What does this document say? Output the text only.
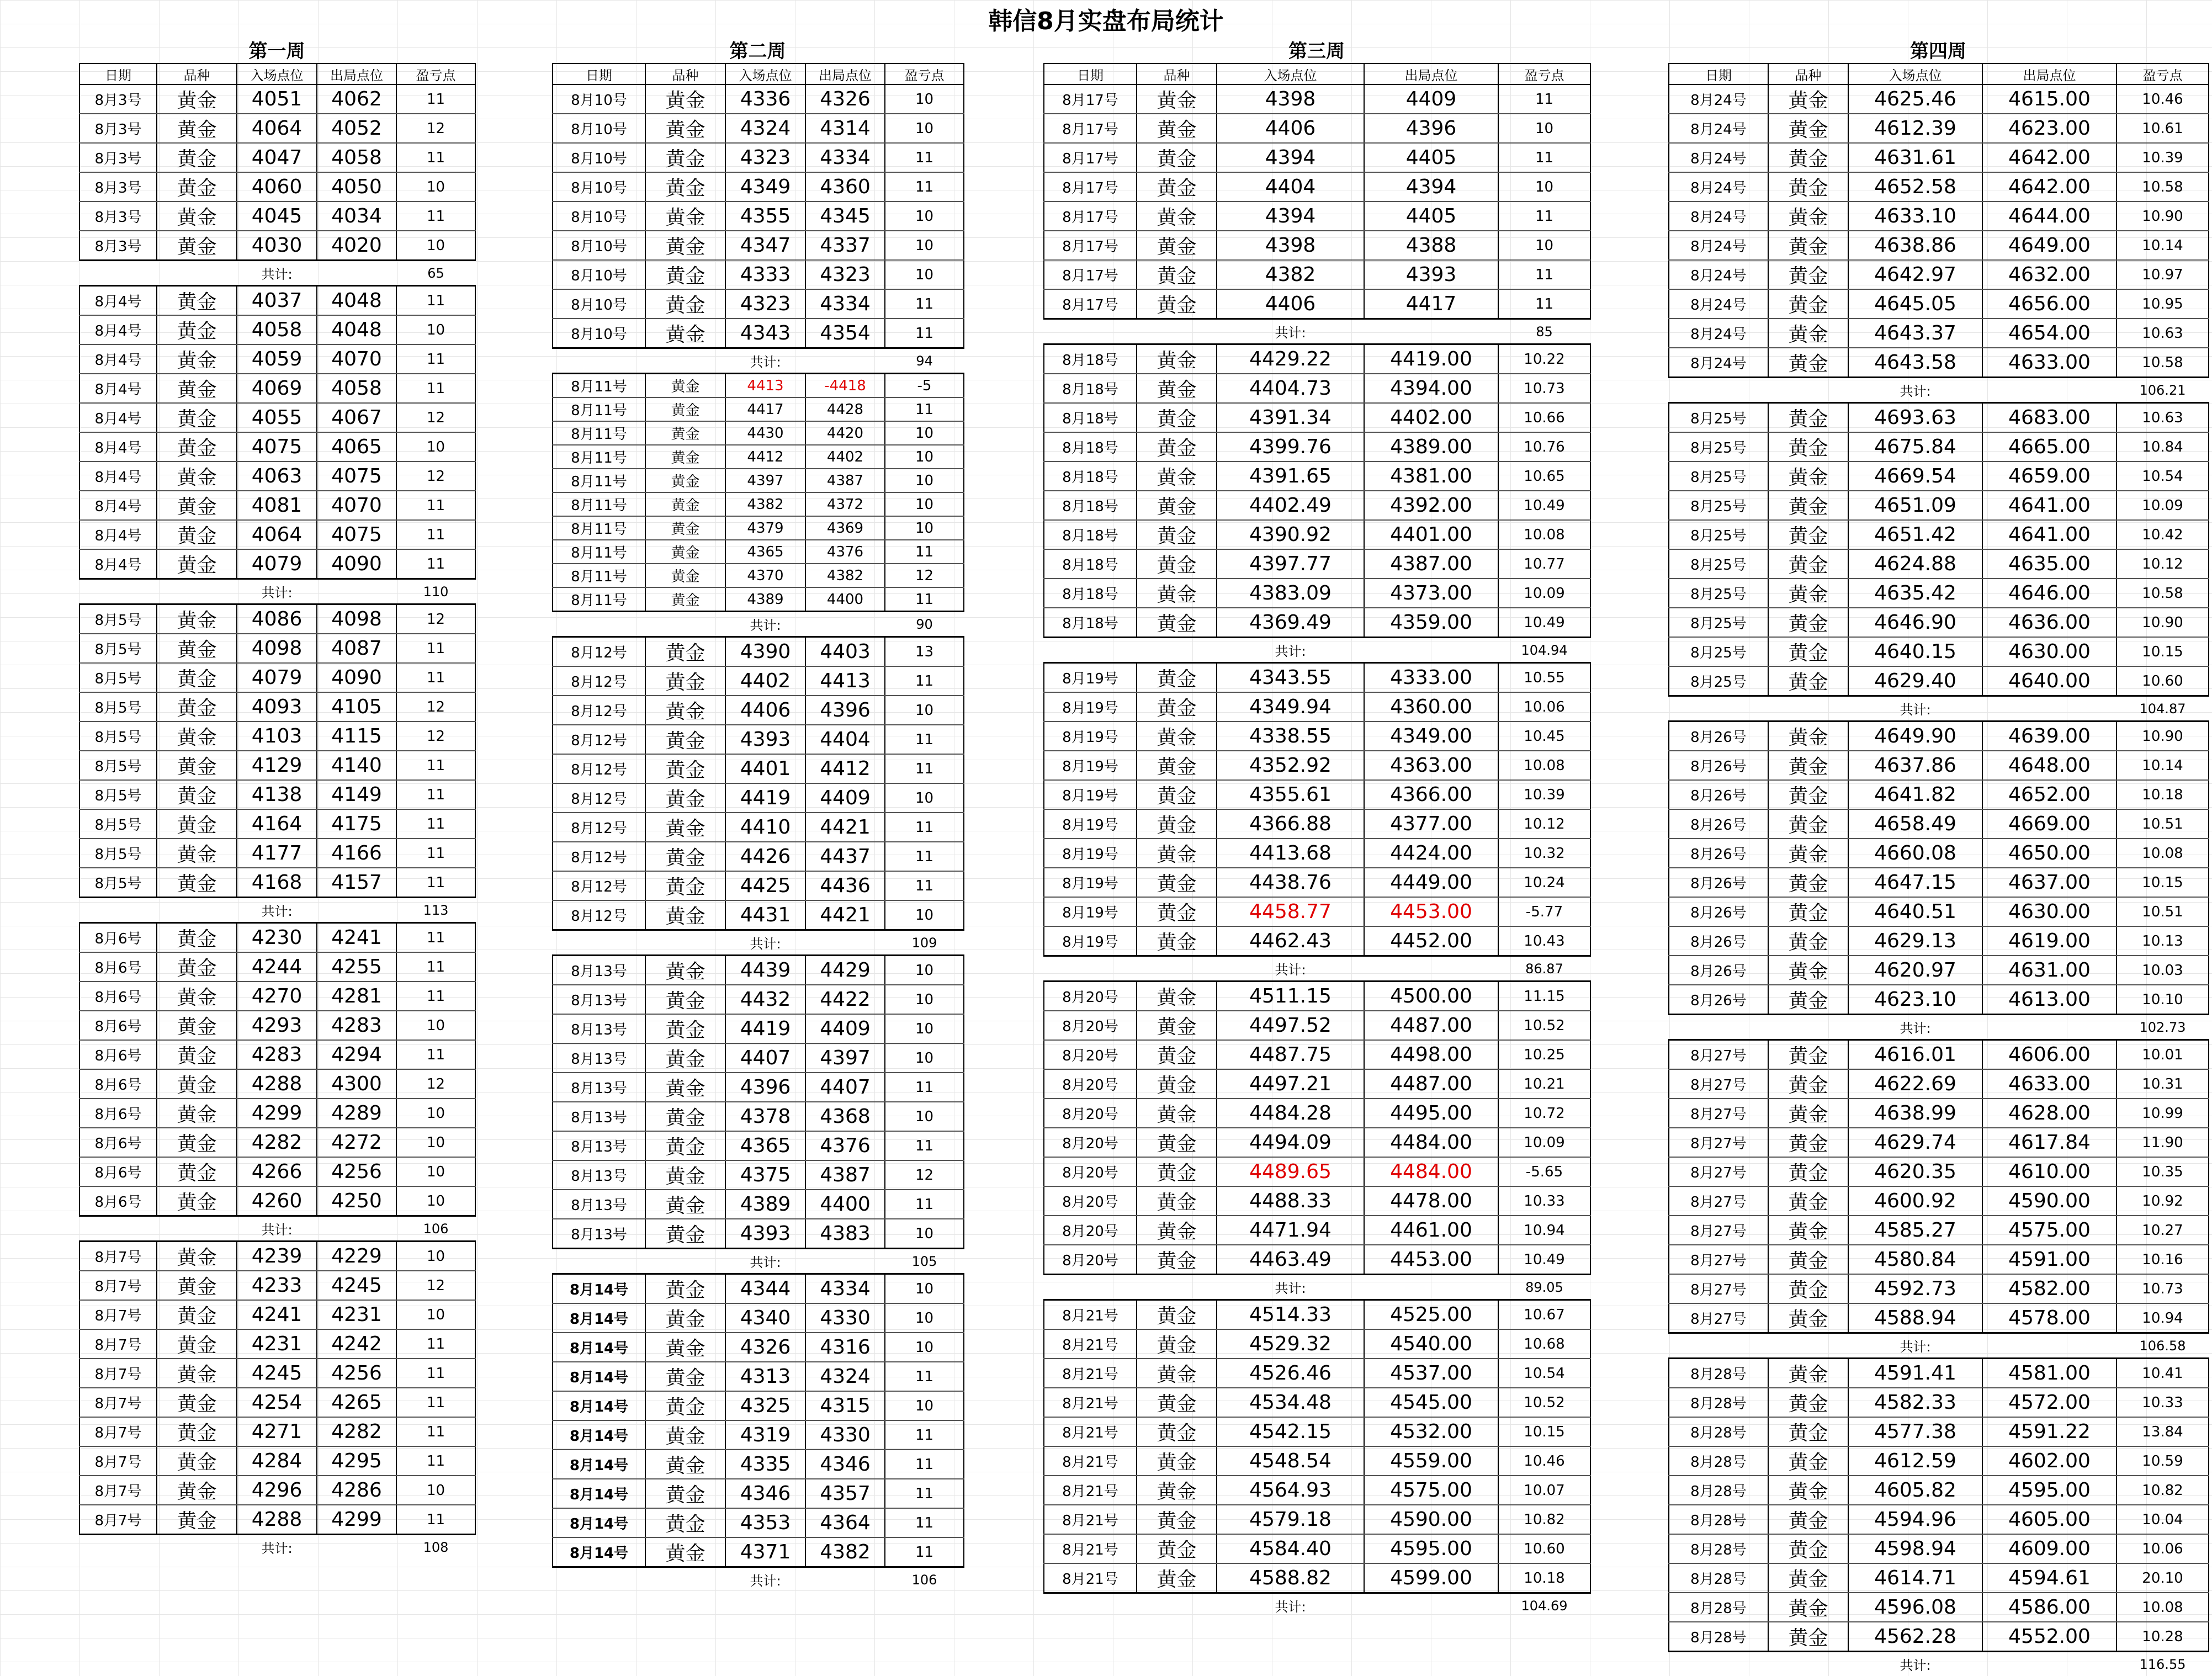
韩信8月实盘布局统计
第一周
日期	品种	入场点位	出局点位	盈亏点
8月3号	黄金	4051	4062	11
8月3号	黄金	4064	4052	12
8月3号	黄金	4047	4058	11
8月3号	黄金	4060	4050	10
8月3号	黄金	4045	4034	11
8月3号	黄金	4030	4020	10
		共计:		65
8月4号	黄金	4037	4048	11
8月4号	黄金	4058	4048	10
8月4号	黄金	4059	4070	11
8月4号	黄金	4069	4058	11
8月4号	黄金	4055	4067	12
8月4号	黄金	4075	4065	10
8月4号	黄金	4063	4075	12
8月4号	黄金	4081	4070	11
8月4号	黄金	4064	4075	11
8月4号	黄金	4079	4090	11
		共计:		110
8月5号	黄金	4086	4098	12
8月5号	黄金	4098	4087	11
8月5号	黄金	4079	4090	11
8月5号	黄金	4093	4105	12
8月5号	黄金	4103	4115	12
8月5号	黄金	4129	4140	11
8月5号	黄金	4138	4149	11
8月5号	黄金	4164	4175	11
8月5号	黄金	4177	4166	11
8月5号	黄金	4168	4157	11
		共计:		113
8月6号	黄金	4230	4241	11
8月6号	黄金	4244	4255	11
8月6号	黄金	4270	4281	11
8月6号	黄金	4293	4283	10
8月6号	黄金	4283	4294	11
8月6号	黄金	4288	4300	12
8月6号	黄金	4299	4289	10
8月6号	黄金	4282	4272	10
8月6号	黄金	4266	4256	10
8月6号	黄金	4260	4250	10
		共计:		106
8月7号	黄金	4239	4229	10
8月7号	黄金	4233	4245	12
8月7号	黄金	4241	4231	10
8月7号	黄金	4231	4242	11
8月7号	黄金	4245	4256	11
8月7号	黄金	4254	4265	11
8月7号	黄金	4271	4282	11
8月7号	黄金	4284	4295	11
8月7号	黄金	4296	4286	10
8月7号	黄金	4288	4299	11
		共计:		108
第二周
日期	品种	入场点位	出局点位	盈亏点
8月10号	黄金	4336	4326	10
8月10号	黄金	4324	4314	10
8月10号	黄金	4323	4334	11
8月10号	黄金	4349	4360	11
8月10号	黄金	4355	4345	10
8月10号	黄金	4347	4337	10
8月10号	黄金	4333	4323	10
8月10号	黄金	4323	4334	11
8月10号	黄金	4343	4354	11
		共计:		94
8月11号	黄金	4413	-4418	-5
8月11号	黄金	4417	4428	11
8月11号	黄金	4430	4420	10
8月11号	黄金	4412	4402	10
8月11号	黄金	4397	4387	10
8月11号	黄金	4382	4372	10
8月11号	黄金	4379	4369	10
8月11号	黄金	4365	4376	11
8月11号	黄金	4370	4382	12
8月11号	黄金	4389	4400	11
		共计:		90
8月12号	黄金	4390	4403	13
8月12号	黄金	4402	4413	11
8月12号	黄金	4406	4396	10
8月12号	黄金	4393	4404	11
8月12号	黄金	4401	4412	11
8月12号	黄金	4419	4409	10
8月12号	黄金	4410	4421	11
8月12号	黄金	4426	4437	11
8月12号	黄金	4425	4436	11
8月12号	黄金	4431	4421	10
		共计:		109
8月13号	黄金	4439	4429	10
8月13号	黄金	4432	4422	10
8月13号	黄金	4419	4409	10
8月13号	黄金	4407	4397	10
8月13号	黄金	4396	4407	11
8月13号	黄金	4378	4368	10
8月13号	黄金	4365	4376	11
8月13号	黄金	4375	4387	12
8月13号	黄金	4389	4400	11
8月13号	黄金	4393	4383	10
		共计:		105
8月14号	黄金	4344	4334	10
8月14号	黄金	4340	4330	10
8月14号	黄金	4326	4316	10
8月14号	黄金	4313	4324	11
8月14号	黄金	4325	4315	10
8月14号	黄金	4319	4330	11
8月14号	黄金	4335	4346	11
8月14号	黄金	4346	4357	11
8月14号	黄金	4353	4364	11
8月14号	黄金	4371	4382	11
		共计:		106
第三周
日期	品种	入场点位	出局点位	盈亏点
8月17号	黄金	4398	4409	11
8月17号	黄金	4406	4396	10
8月17号	黄金	4394	4405	11
8月17号	黄金	4404	4394	10
8月17号	黄金	4394	4405	11
8月17号	黄金	4398	4388	10
8月17号	黄金	4382	4393	11
8月17号	黄金	4406	4417	11
		共计:		85
8月18号	黄金	4429.22	4419.00	10.22
8月18号	黄金	4404.73	4394.00	10.73
8月18号	黄金	4391.34	4402.00	10.66
8月18号	黄金	4399.76	4389.00	10.76
8月18号	黄金	4391.65	4381.00	10.65
8月18号	黄金	4402.49	4392.00	10.49
8月18号	黄金	4390.92	4401.00	10.08
8月18号	黄金	4397.77	4387.00	10.77
8月18号	黄金	4383.09	4373.00	10.09
8月18号	黄金	4369.49	4359.00	10.49
		共计:		104.94
8月19号	黄金	4343.55	4333.00	10.55
8月19号	黄金	4349.94	4360.00	10.06
8月19号	黄金	4338.55	4349.00	10.45
8月19号	黄金	4352.92	4363.00	10.08
8月19号	黄金	4355.61	4366.00	10.39
8月19号	黄金	4366.88	4377.00	10.12
8月19号	黄金	4413.68	4424.00	10.32
8月19号	黄金	4438.76	4449.00	10.24
8月19号	黄金	4458.77	4453.00	-5.77
8月19号	黄金	4462.43	4452.00	10.43
		共计:		86.87
8月20号	黄金	4511.15	4500.00	11.15
8月20号	黄金	4497.52	4487.00	10.52
8月20号	黄金	4487.75	4498.00	10.25
8月20号	黄金	4497.21	4487.00	10.21
8月20号	黄金	4484.28	4495.00	10.72
8月20号	黄金	4494.09	4484.00	10.09
8月20号	黄金	4489.65	4484.00	-5.65
8月20号	黄金	4488.33	4478.00	10.33
8月20号	黄金	4471.94	4461.00	10.94
8月20号	黄金	4463.49	4453.00	10.49
		共计:		89.05
8月21号	黄金	4514.33	4525.00	10.67
8月21号	黄金	4529.32	4540.00	10.68
8月21号	黄金	4526.46	4537.00	10.54
8月21号	黄金	4534.48	4545.00	10.52
8月21号	黄金	4542.15	4532.00	10.15
8月21号	黄金	4548.54	4559.00	10.46
8月21号	黄金	4564.93	4575.00	10.07
8月21号	黄金	4579.18	4590.00	10.82
8月21号	黄金	4584.40	4595.00	10.60
8月21号	黄金	4588.82	4599.00	10.18
		共计:		104.69
第四周
日期	品种	入场点位	出局点位	盈亏点
8月24号	黄金	4625.46	4615.00	10.46
8月24号	黄金	4612.39	4623.00	10.61
8月24号	黄金	4631.61	4642.00	10.39
8月24号	黄金	4652.58	4642.00	10.58
8月24号	黄金	4633.10	4644.00	10.90
8月24号	黄金	4638.86	4649.00	10.14
8月24号	黄金	4642.97	4632.00	10.97
8月24号	黄金	4645.05	4656.00	10.95
8月24号	黄金	4643.37	4654.00	10.63
8月24号	黄金	4643.58	4633.00	10.58
		共计:		106.21
8月25号	黄金	4693.63	4683.00	10.63
8月25号	黄金	4675.84	4665.00	10.84
8月25号	黄金	4669.54	4659.00	10.54
8月25号	黄金	4651.09	4641.00	10.09
8月25号	黄金	4651.42	4641.00	10.42
8月25号	黄金	4624.88	4635.00	10.12
8月25号	黄金	4635.42	4646.00	10.58
8月25号	黄金	4646.90	4636.00	10.90
8月25号	黄金	4640.15	4630.00	10.15
8月25号	黄金	4629.40	4640.00	10.60
		共计:		104.87
8月26号	黄金	4649.90	4639.00	10.90
8月26号	黄金	4637.86	4648.00	10.14
8月26号	黄金	4641.82	4652.00	10.18
8月26号	黄金	4658.49	4669.00	10.51
8月26号	黄金	4660.08	4650.00	10.08
8月26号	黄金	4647.15	4637.00	10.15
8月26号	黄金	4640.51	4630.00	10.51
8月26号	黄金	4629.13	4619.00	10.13
8月26号	黄金	4620.97	4631.00	10.03
8月26号	黄金	4623.10	4613.00	10.10
		共计:		102.73
8月27号	黄金	4616.01	4606.00	10.01
8月27号	黄金	4622.69	4633.00	10.31
8月27号	黄金	4638.99	4628.00	10.99
8月27号	黄金	4629.74	4617.84	11.90
8月27号	黄金	4620.35	4610.00	10.35
8月27号	黄金	4600.92	4590.00	10.92
8月27号	黄金	4585.27	4575.00	10.27
8月27号	黄金	4580.84	4591.00	10.16
8月27号	黄金	4592.73	4582.00	10.73
8月27号	黄金	4588.94	4578.00	10.94
		共计:		106.58
8月28号	黄金	4591.41	4581.00	10.41
8月28号	黄金	4582.33	4572.00	10.33
8月28号	黄金	4577.38	4591.22	13.84
8月28号	黄金	4612.59	4602.00	10.59
8月28号	黄金	4605.82	4595.00	10.82
8月28号	黄金	4594.96	4605.00	10.04
8月28号	黄金	4598.94	4609.00	10.06
8月28号	黄金	4614.71	4594.61	20.10
8月28号	黄金	4596.08	4586.00	10.08
8月28号	黄金	4562.28	4552.00	10.28
		共计:		116.55
